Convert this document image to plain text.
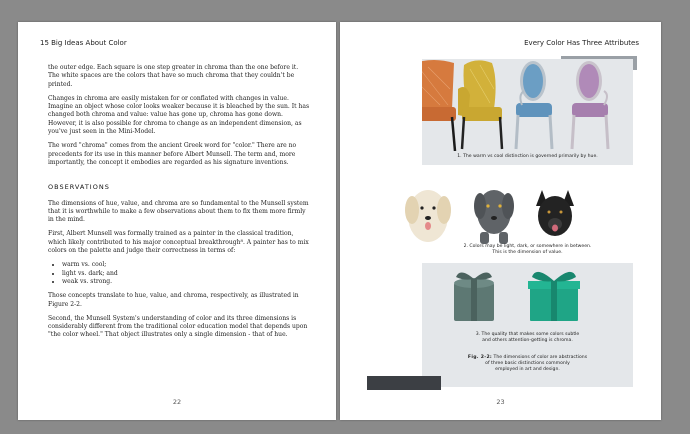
15 Big Ideas About Color

the outer edge. Each square is one step greater in chroma than the one before it. The white spaces are the colors that have so much chroma that they couldn't be printed.

Changes in chroma are easily mistaken for or conflated with changes in value. Imagine an object whose color looks weaker because it is bleached by the sun. It has changed both chroma and value: value has gone up, chroma has gone down. However, it is also possible for chroma to change as an independent dimension, as you've just seen in the Mini-Model.

The word "chroma" comes from the ancient Greek word for "color." There are no precedents for its use in this manner before Albert Munsell. The term and, more importantly, the concept it embodies are regarded as his signature inventions.

OBSERVATIONS

The dimensions of hue, value, and chroma are so fundamental to the Munsell system that it is worthwhile to make a few observations about them to fix them more firmly in the mind.

First, Albert Munsell was formally trained as a painter in the classical tradition, which likely contributed to his major conceptual breakthrough⁸. A painter has to mix colors on the palette and judge their correctness in terms of:

• warm vs. cool;
• light vs. dark; and
• weak vs. strong.

Those concepts translate to hue, value, and chroma, respectively, as illustrated in Figure 2-2.

Second, the Munsell System's understanding of color and its three dimensions is considerably different from the traditional color education model that depends upon "the color wheel." That object illustrates only a single dimension - that of hue.

22
Every Color Has Three Attributes
1. The warm vs cool distinction is governed primarily by hue.
2. Colors may be light, dark, or somewhere in between.
This is the dimension of value.
3. The quality that makes some colors subtle
and others attention-getting is chroma.
Fig. 2-2: The dimensions of color are abstractions
of three basic distinctions commonly
employed in art and design.
23
